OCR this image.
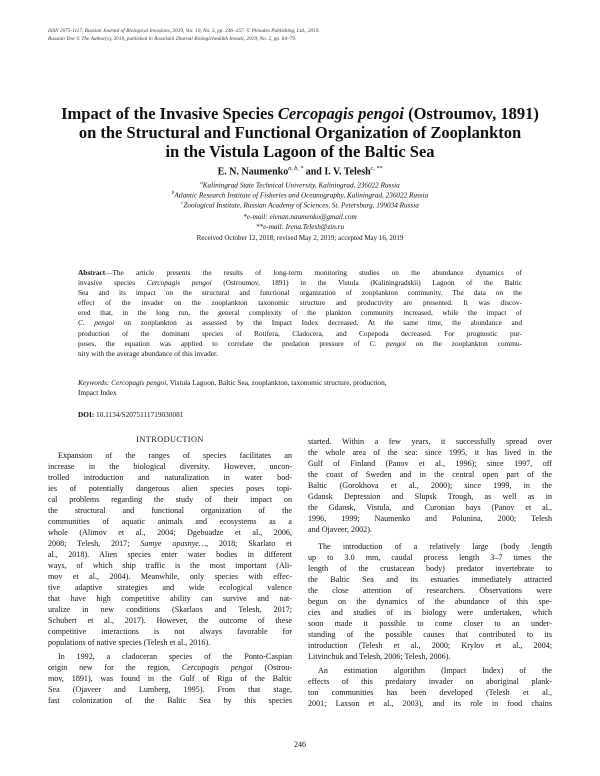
ISSN 2075-1117, Russian Journal of Biological Invasions, 2019, Vol. 10, No. 3, pp. 246–257. © Pleiades Publishing, Ltd., 2019.
Russian Text © The Author(s), 2019, published in Rossiiskii Zhurnal Biologicheskikh Invazii, 2019, No. 2, pp. 64–79.
Impact of the Invasive Species Cercopagis pengoi (Ostroumov, 1891)
on the Structural and Functional Organization of Zooplankton
in the Vistula Lagoon of the Baltic Sea
E. N. Naumenko$^{a, b, *}$ and I. V. Telesh$^{c, **}$
$^a$Kaliningrad State Technical University, Kaliningrad, 236022 Russia
$^b$Atlantic Research Institute of Fisheries and Oceanography, Kaliningrad, 236022 Russia
$^c$Zoological Institute, Russian Academy of Sciences, St. Petersburg, 199034 Russia
*e-mail: elenan.naumenko@gmail.com
**e-mail: Irena.Telesh@zin.ru
Received October 12, 2018; revised May 2, 2019; accepted May 16, 2019
Abstract—The article presents the results of long-term monitoring studies on the abundance dynamics of
invasive species Cercopagis pengoi (Ostroumov, 1891) in the Vistula (Kaliningradskii) Lagoon of the Baltic
Sea and its impact on the structural and functional organization of zooplankton community. The data on the
effect of the invader on the zooplankton taxonomic structure and productivity are presented. It was discov-
ered that, in the long run, the general complexity of the plankton community increased, while the impact of
C. pengoi on zooplankton as assessed by the Impact Index decreased. At the same time, the abundance and
production of the dominant species of Rotifera, Cladocera, and Copepoda decreased. For prognostic pur-
poses, the equation was applied to correlate the predation pressure of C. pengoi on the zooplankton commu-
nity with the average abundance of this invader.
Keywords: Cercopagis pengoi, Vistula Lagoon, Baltic Sea, zooplankton, taxonomic structure, production,
Impact Index
DOI: 10.1134/S2075111719030081
INTRODUCTION
Expansion of the ranges of species facilitates an
increase in the biological diversity. However, uncon-
trolled introduction and naturalization in water bod-
ies of potentially dangerous alien species poses topi-
cal problems regarding the study of their impact on
the structural and functional organization of the
communities of aquatic animals and ecosystems as a
whole (Alimov et al., 2004; Dgebuadze et al., 2006,
2008; Telesh, 2017; Samye opasnye…, 2018; Skarlato et
al., 2018). Alien species enter water bodies in different
ways, of which ship traffic is the most important (Ali-
mov et al., 2004). Meanwhile, only species with effec-
tive adaptive strategies and wide ecological valence
that have high competitive ability can survive and nat-
uralize in new conditions (Skarlaos and Telesh, 2017;
Schubert et al., 2017). However, the outcome of these
competitive interactions is not always favorable for
populations of native species (Telesh et al., 2016).
In 1992, a cladoceran species of the Ponto-Caspian
origin new for the region, Cercopagis pengoi (Ostrou-
mov, 1891), was found in the Gulf of Riga of the Baltic
Sea (Ojaveer and Lumberg, 1995). From that stage,
fast colonization of the Baltic Sea by this species
started. Within a few years, it successfully spread over
the whole area of the sea: since 1995, it has lived in the
Gulf of Finland (Panov et al., 1996); since 1997, off
the coast of Sweden and in the central open part of the
Baltic (Gorokhova et al., 2000); since 1999, in the
Gdansk Depression and Slupsk Trough, as well as in
the Gdansk, Vistula, and Curonian bays (Panov et al.,
1996, 1999; Naumenko and Polunina, 2000; Telesh
and Ojaveer, 2002).
The introduction of a relatively large (body length
up to 3.0 mm, caudal process length 3–7 times the
length of the crustacean body) predator invertebrate to
the Baltic Sea and its estuaries immediately attracted
the close attention of researchers. Observations were
begun on the dynamics of the abundance of this spe-
cies and studies of its biology were undertaken, which
soon made it possible to come closer to an under-
standing of the possible causes that contributed to its
introduction (Telesh et al., 2000; Krylov et al., 2004;
Litvinchuk and Telesh, 2006; Telesh, 2006).
An estimation algorithm (Impact Index) of the
effects of this predatory invader on aboriginal plank-
ton communities has been developed (Telesh et al.,
2001; Laxson et al., 2003), and its role in food chains
246
